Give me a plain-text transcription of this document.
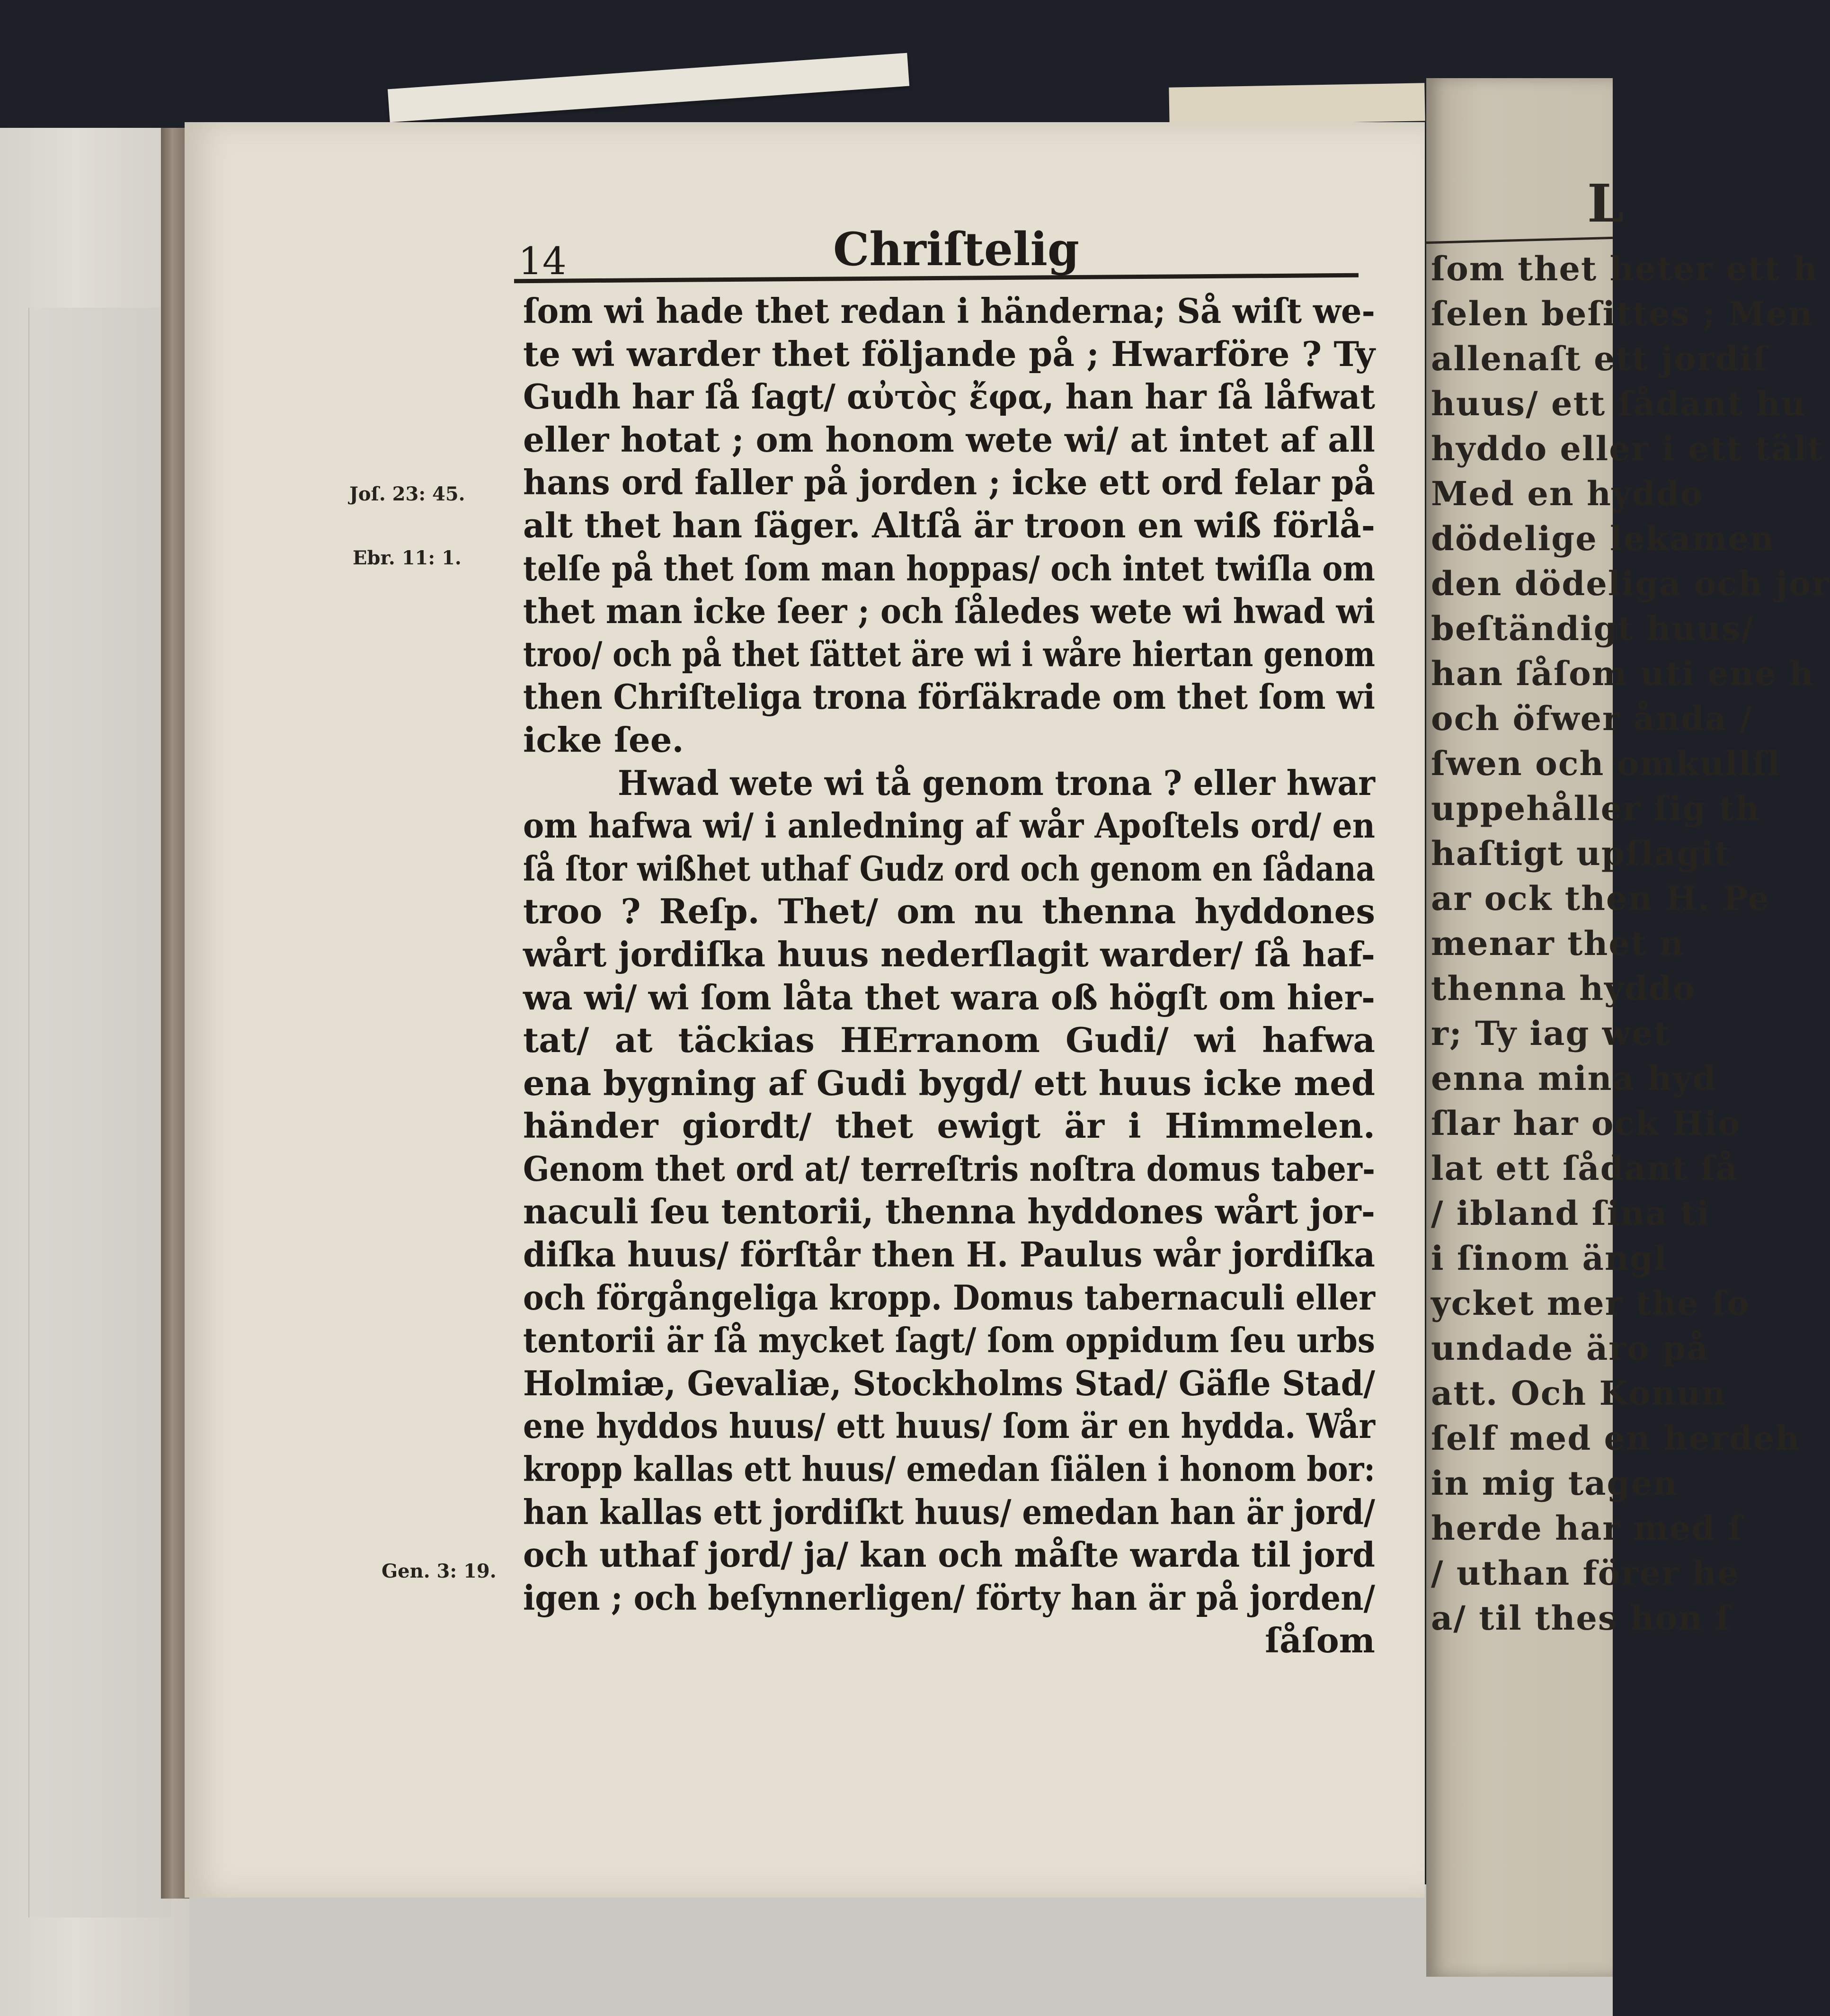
14	Chriſtelig
Joſ. 23: 45.
Ebr. 11: 1.
Gen. 3: 19.
ſom wi hade thet redan i händerna; Så wiſt we-
te wi warder thet följande på ; Hwarföre ? Ty
Gudh har ſå ſagt/ αὐτὸς ἔφα, han har ſå låfwat
eller hotat ; om honom wete wi/ at intet af all
hans ord faller på jorden ; icke ett ord felar på
alt thet han ſäger. Altſå är troon en wiß förlå-
telſe på thet ſom man hoppas/ och intet twiſla om
thet man icke ſeer ; och ſåledes wete wi hwad wi
troo/ och på thet ſättet äre wi i wåre hiertan genom
then Chriſteliga trona förſäkrade om thet ſom wi
icke ſee.
Hwad wete wi tå genom trona ? eller hwar
om hafwa wi/ i anledning af wår Apoſtels ord/ en
ſå ſtor wißhet uthaf Gudz ord och genom en ſådana
troo ? Reſp. Thet/ om nu thenna hyddones
wårt jordiſka huus nederſlagit warder/ ſå haf-
wa wi/ wi ſom låta thet wara oß högſt om hier-
tat/ at täckias HErranom Gudi/ wi hafwa
ena bygning af Gudi bygd/ ett huus icke med
händer giordt/ thet ewigt är i Himmelen.
Genom thet ord at/ terreſtris noſtra domus taber-
naculi ſeu tentorii, thenna hyddones wårt jor-
diſka huus/ förſtår then H. Paulus wår jordiſka
och förgångeliga kropp. Domus tabernaculi eller
tentorii är ſå mycket ſagt/ ſom oppidum ſeu urbs
Holmiæ, Gevaliæ, Stockholms Stad/ Gäfle Stad/
ene hyddos huus/ ett huus/ ſom är en hydda. Wår
kropp kallas ett huus/ emedan ſiälen i honom bor:
han kallas ett jordiſkt huus/ emedan han är jord/
och uthaf jord/ ja/ kan och måſte warda til jord
igen ; och beſynnerligen/ förty han är på jorden/
ſåſom
L
ſom thet heter ett h
ſelen beſittes ; Men
allenaſt ett jordiſ
huus/ ett ſådant hu
hyddo eller i ett tält
Med en hyddo
dödelige lekamen
den dödeliga och jor
beſtändigt huus/
han ſåſom uti ene h
och öfwer ånda /
ſwen och omkullſl
uppehåller ſig th
haſtigt upſlagit
ar ock then H. Pe
menar thet n
thenna hyddo
r; Ty iag wet
enna mina hyd
ſlar har ock Hio
lat ett ſådant ſå
/ ibland ſina ti
i ſinom ängl
ycket mer the ſo
undade äro på
att. Och Konun
ſelf med en herdeh
in mig tagen
herde har med ſ
/ uthan förer he
a/ til thes hon ſ
